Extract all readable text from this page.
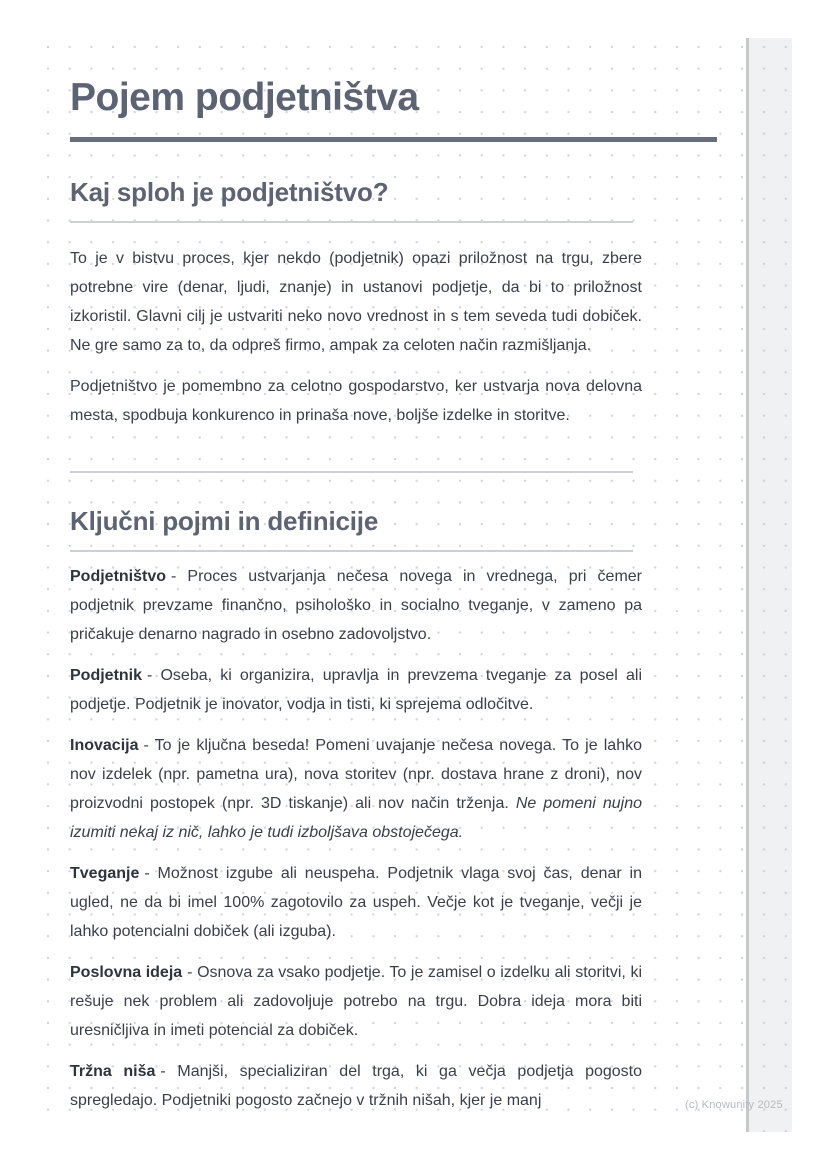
Pojem podjetništva
Kaj sploh je podjetništvo?

To je v bistvu proces, kjer nekdo (podjetnik) opazi priložnost na trgu, zbere potrebne vire (denar, ljudi, znanje) in ustanovi podjetje, da bi to priložnost izkoristil. Glavni cilj je ustvariti neko novo vrednost in s tem seveda tudi dobiček. Ne gre samo za to, da odpreš firmo, ampak za celoten način razmišljanja.

Podjetništvo je pomembno za celotno gospodarstvo, ker ustvarja nova delovna mesta, spodbuja konkurenco in prinaša nove, boljše izdelke in storitve.

Ključni pojmi in definicije

Podjetništvo - Proces ustvarjanja nečesa novega in vrednega, pri čemer podjetnik prevzame finančno, psihološko in socialno tveganje, v zameno pa pričakuje denarno nagrado in osebno zadovoljstvo.

Podjetnik - Oseba, ki organizira, upravlja in prevzema tveganje za posel ali podjetje. Podjetnik je inovator, vodja in tisti, ki sprejema odločitve.

Inovacija - To je ključna beseda! Pomeni uvajanje nečesa novega. To je lahko nov izdelek (npr. pametna ura), nova storitev (npr. dostava hrane z droni), nov proizvodni postopek (npr. 3D tiskanje) ali nov način trženja. Ne pomeni nujno izumiti nekaj iz nič, lahko je tudi izboljšava obstoječega.

Tveganje - Možnost izgube ali neuspeha. Podjetnik vlaga svoj čas, denar in ugled, ne da bi imel 100% zagotovilo za uspeh. Večje kot je tveganje, večji je lahko potencialni dobiček (ali izguba).

Poslovna ideja - Osnova za vsako podjetje. To je zamisel o izdelku ali storitvi, ki rešuje nek problem ali zadovoljuje potrebo na trgu. Dobra ideja mora biti uresničljiva in imeti potencial za dobiček.

Tržna niša - Manjši, specializiran del trga, ki ga večja podjetja pogosto spregledajo. Podjetniki pogosto začnejo v tržnih nišah, kjer je manj	(c) Knowunity 2025
